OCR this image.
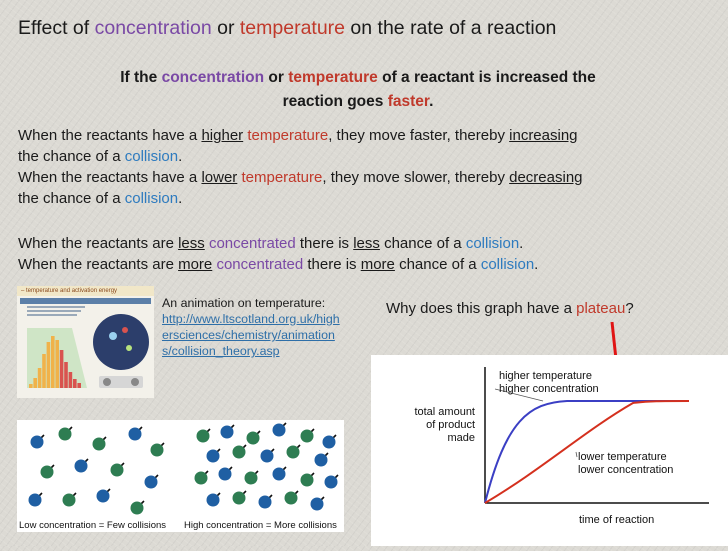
Effect of concentration or temperature on the rate of a reaction
If the concentration or temperature of a reactant is increased the
reaction goes faster.
When the reactants have a higher temperature, they move faster, thereby increasing
the chance of a collision.
When the reactants have a lower temperature, they move slower, thereby decreasing
the chance of a collision.
When the reactants are less concentrated there is less chance of a collision.
When the reactants are more concentrated there is more chance of a collision.
– temperature and activation energy
An animation on temperature:
http://www.ltscotland.org.uk/high
ersciences/chemistry/animation
s/collision_theory.asp
Why does this graph have a plateau?
higher temperature
higher concentration
lower temperature
lower concentration
total amount
of product
made
time of reaction
Low concentration = Few collisions High concentration = More collisions
